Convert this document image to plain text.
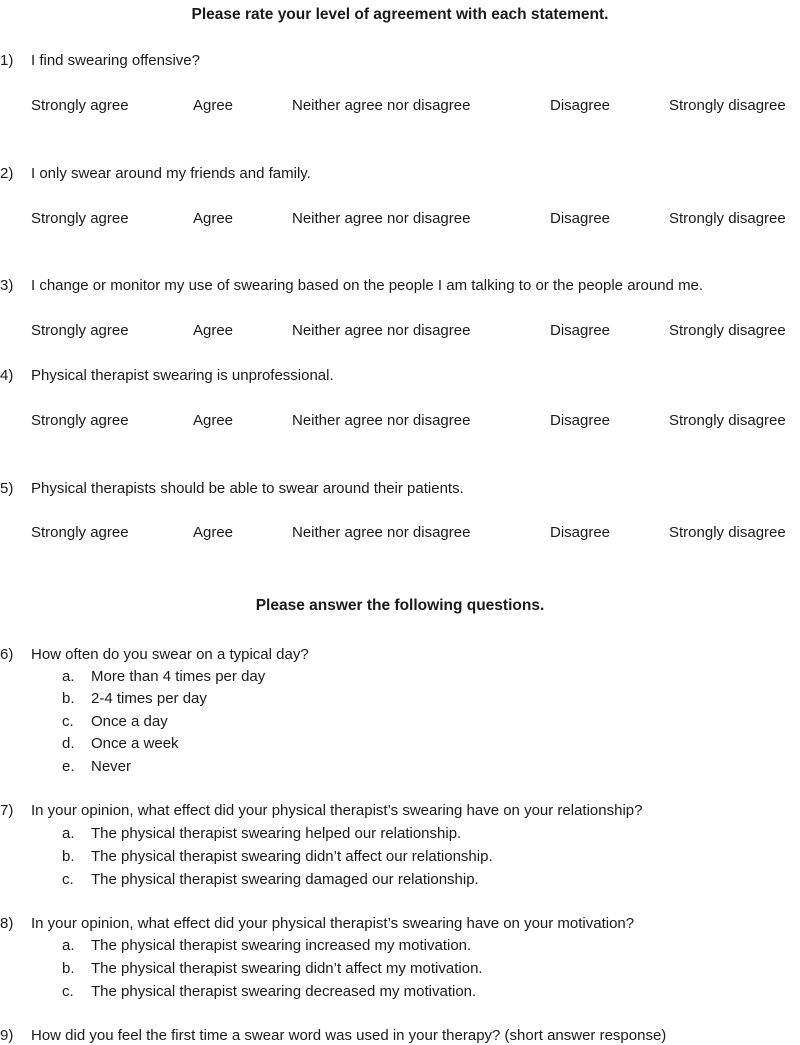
Please rate your level of agreement with each statement.
1) I find swearing offensive?
Strongly agree	Agree	Neither agree nor disagree	Disagree	Strongly disagree
2) I only swear around my friends and family.
Strongly agree	Agree	Neither agree nor disagree	Disagree	Strongly disagree
3) I change or monitor my use of swearing based on the people I am talking to or the people around me.
Strongly agree	Agree	Neither agree nor disagree	Disagree	Strongly disagree
4) Physical therapist swearing is unprofessional.
Strongly agree	Agree	Neither agree nor disagree	Disagree	Strongly disagree
5) Physical therapists should be able to swear around their patients.
Strongly agree	Agree	Neither agree nor disagree	Disagree	Strongly disagree
Please answer the following questions.
6) How often do you swear on a typical day?
a. More than 4 times per day
b. 2-4 times per day
c. Once a day
d. Once a week
e. Never
7) In your opinion, what effect did your physical therapist’s swearing have on your relationship?
a. The physical therapist swearing helped our relationship.
b. The physical therapist swearing didn’t affect our relationship.
c. The physical therapist swearing damaged our relationship.
8) In your opinion, what effect did your physical therapist’s swearing have on your motivation?
a. The physical therapist swearing increased my motivation.
b. The physical therapist swearing didn’t affect my motivation.
c. The physical therapist swearing decreased my motivation.
9) How did you feel the first time a swear word was used in your therapy? (short answer response)
